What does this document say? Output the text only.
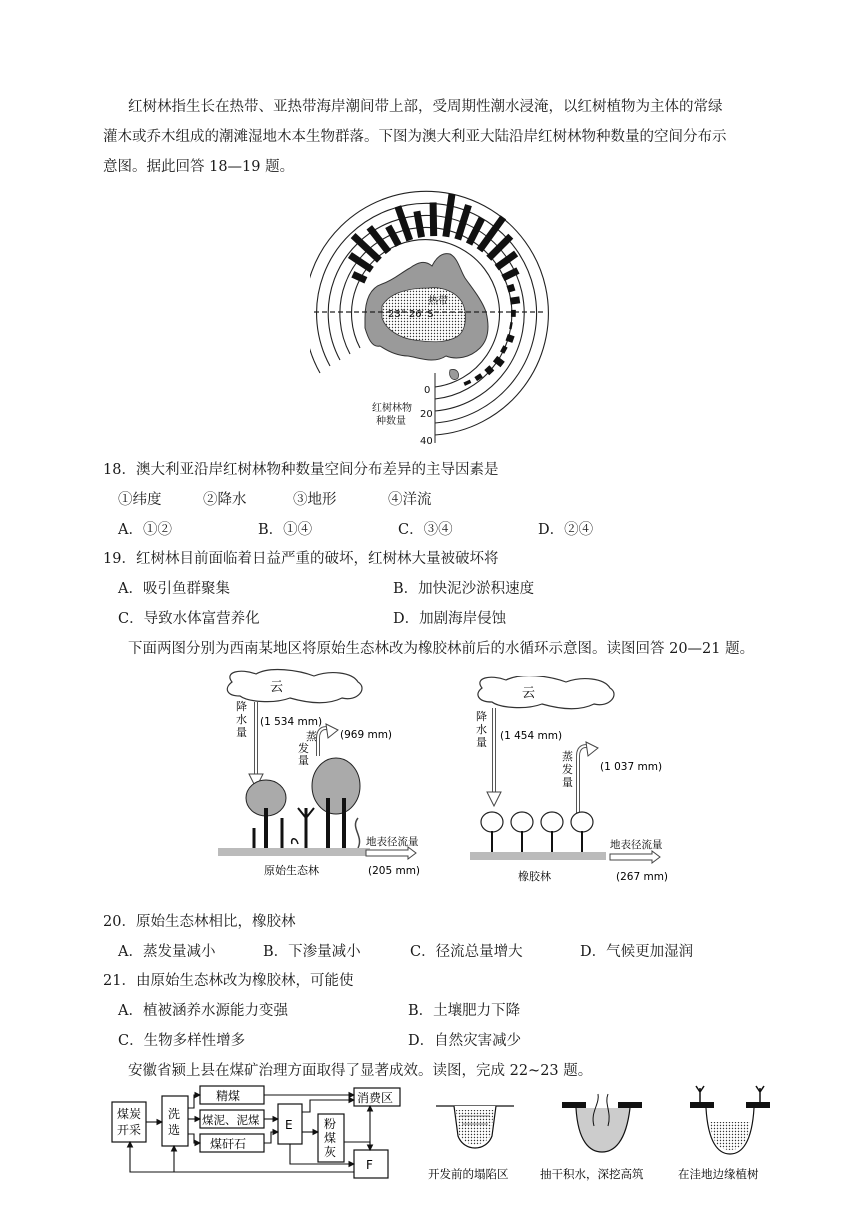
红树林指生长在热带、亚热带海岸潮间带上部，受周期性潮水浸淹，以红树植物为主体的常绿
灌木或乔木组成的潮滩湿地木本生物群落。下图为澳大利亚大陆沿岸红树林物种数量的空间分布示
意图。据此回答 18—19 题。
23° 26′ S
热带
0
20
40
红树林物
种数量
18．澳大利亚沿岸红树林物种数量空间分布差异的主导因素是
①纬度	②降水	③地形	④洋流
A．①②	B．①④	C．③④	D．②④
19．红树林目前面临着日益严重的破坏，红树林大量被破坏将
A．吸引鱼群聚集	B．加快泥沙淤积速度
C．导致水体富营养化	D．加剧海岸侵蚀
下面两图分别为西南某地区将原始生态林改为橡胶林前后的水循环示意图。读图回答 20—21 题。
云
降
水
量
(1 534 mm)
蒸
发
量
(969 mm)
地表径流量
(205 mm)
原始生态林
云
降
水
量 (1 454 mm)
蒸
发
量
(1 037 mm)
地表径流量
(267 mm)
橡胶林
20．原始生态林相比，橡胶林
A．蒸发量减小	B．下渗量减小	C．径流总量增大	D．气候更加湿润
21．由原始生态林改为橡胶林，可能使
A．植被涵养水源能力变强	B．土壤肥力下降
C．生物多样性增多	D．自然灾害减少
安徽省颍上县在煤矿治理方面取得了显著成效。读图，完成 22~23 题。
煤炭
开采
洗
选
精煤
煤泥、泥煤
煤矸石
E	粉
煤
灰
消费区
F
开发前的塌陷区	抽干积水，深挖高筑	在洼地边缘植树
